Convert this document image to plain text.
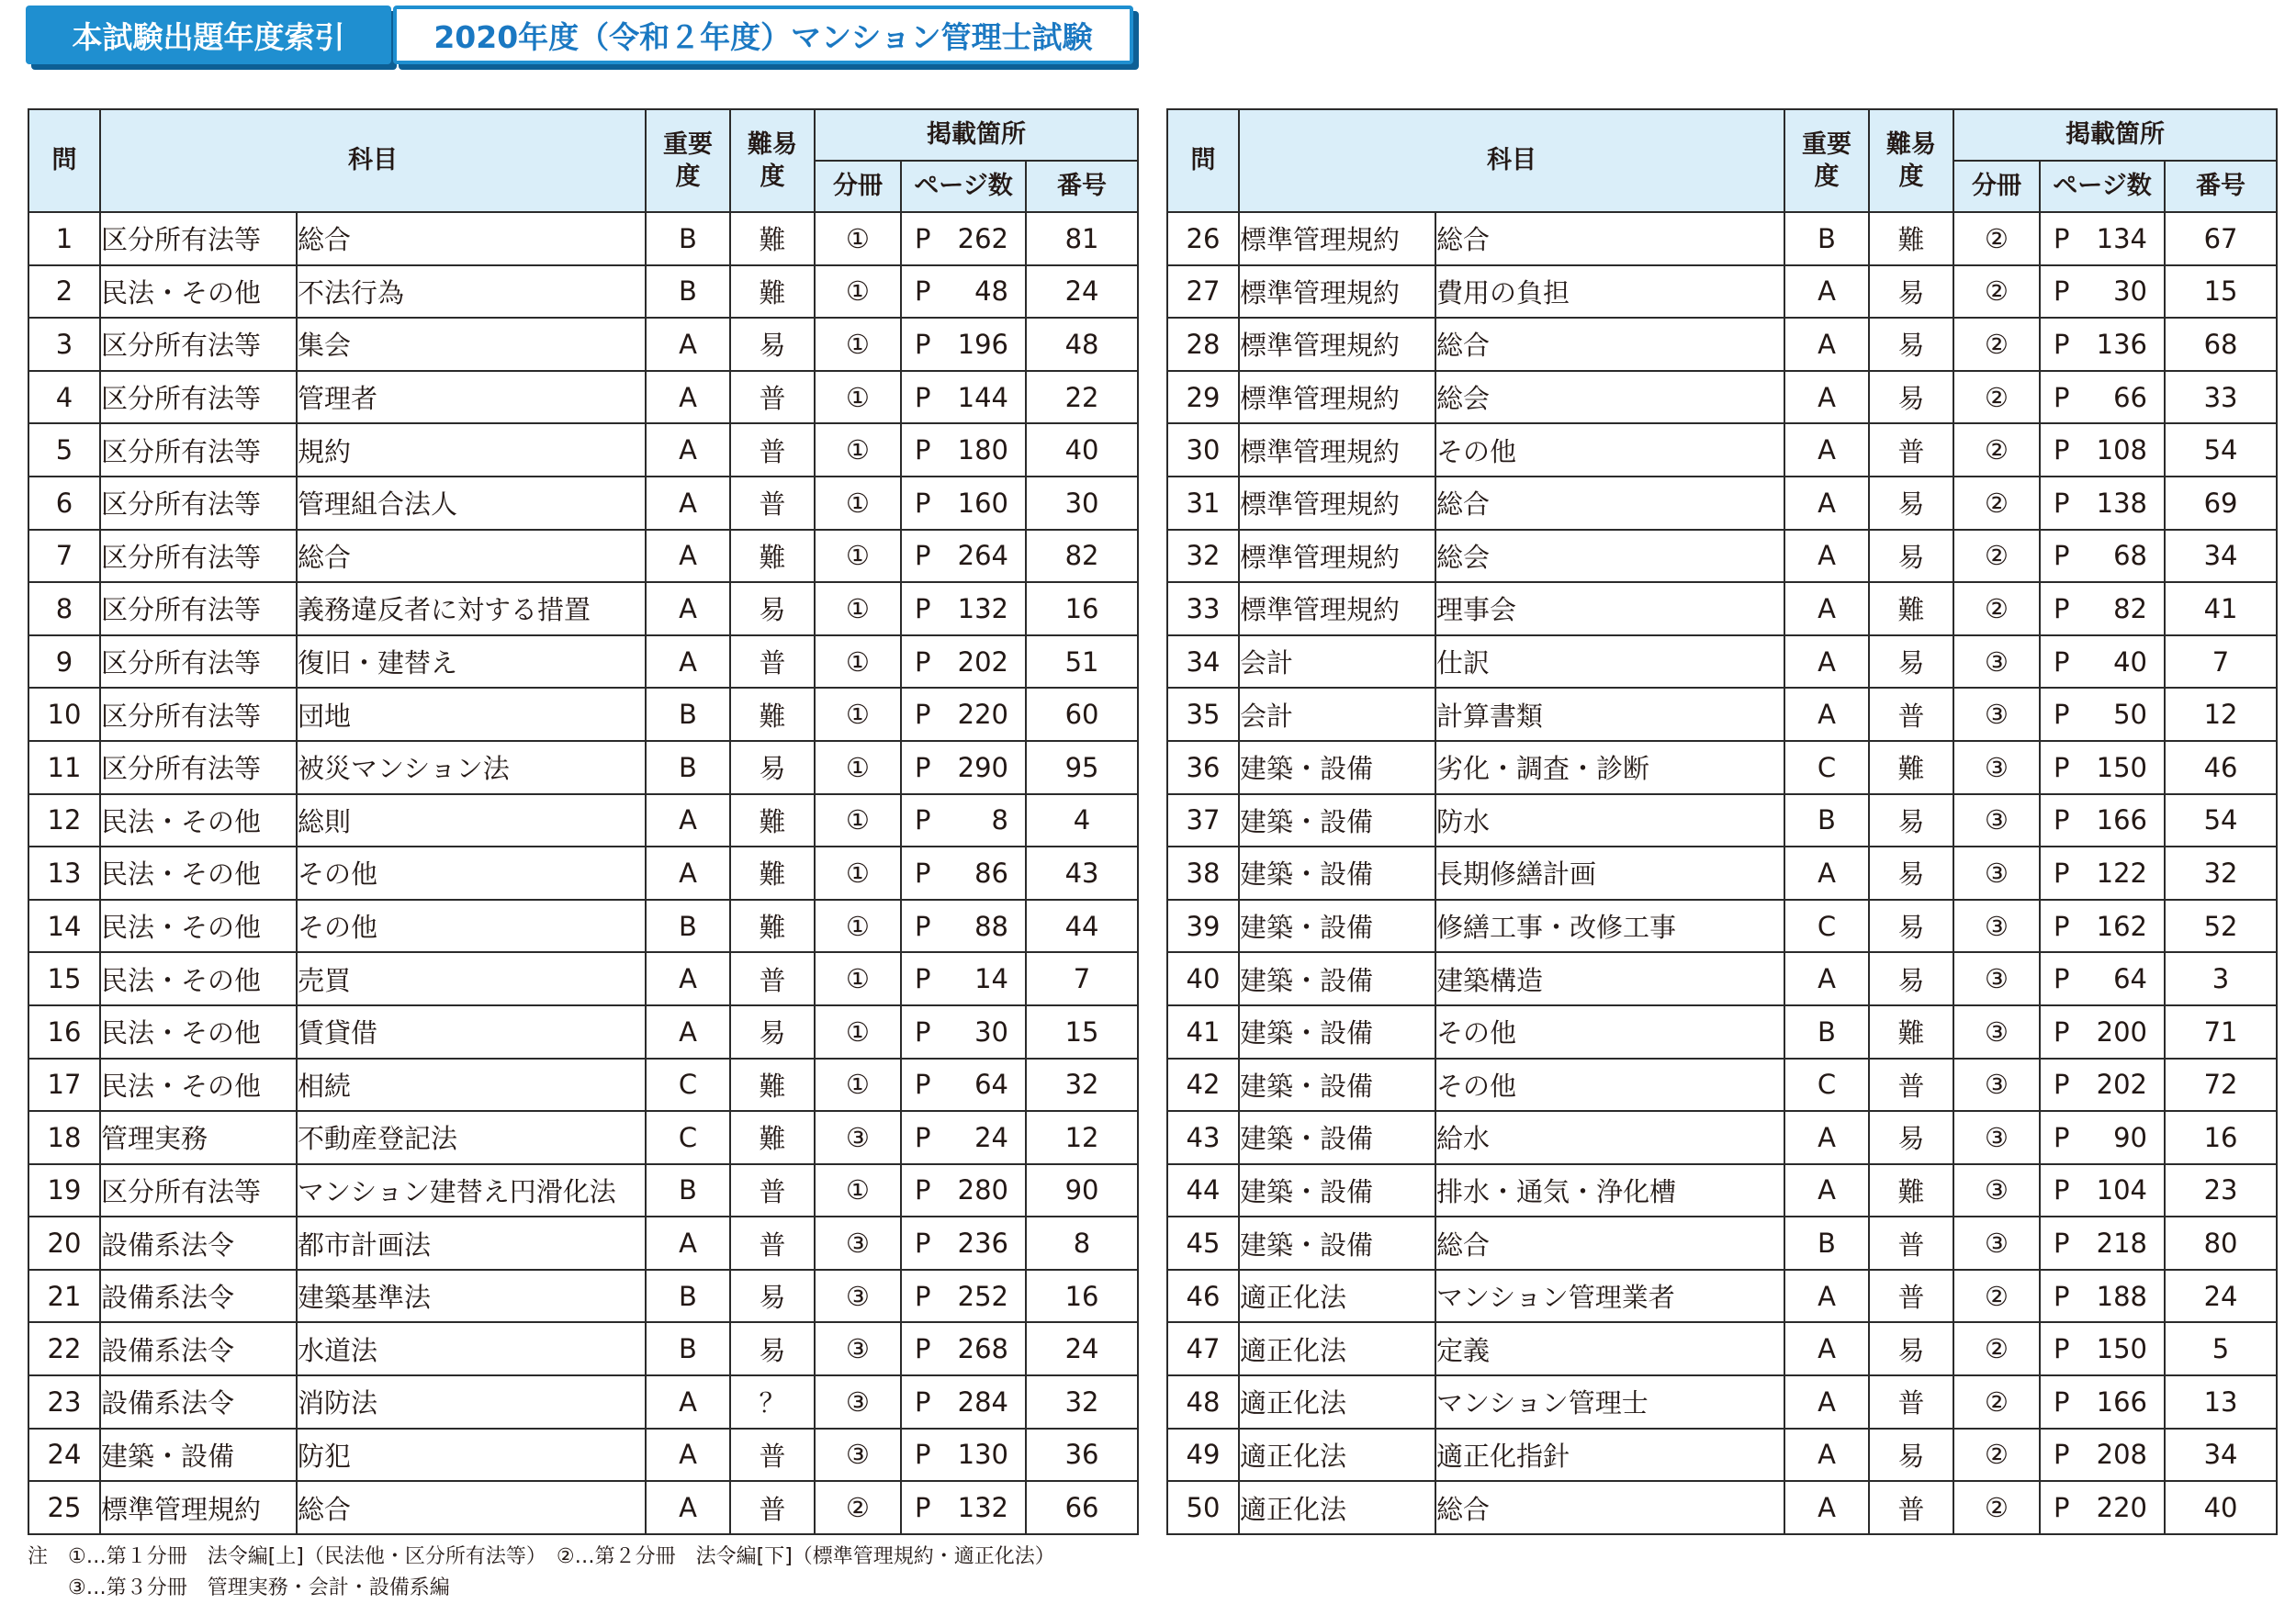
本試験出題年度索引	2020年度（令和２年度）マンション管理士試験
問	科目		重要
度	難易
度	掲載箇所		
					分冊	ページ数	番号
1	区分所有法等	総合	B	難	①	P 262	81
2	民法・その他	不法行為	B	難	①	P 48	24
3	区分所有法等	集会	A	易	①	P 196	48
4	区分所有法等	管理者	A	普	①	P 144	22
5	区分所有法等	規約	A	普	①	P 180	40
6	区分所有法等	管理組合法人	A	普	①	P 160	30
7	区分所有法等	総合	A	難	①	P 264	82
8	区分所有法等	義務違反者に対する措置	A	易	①	P 132	16
9	区分所有法等	復旧・建替え	A	普	①	P 202	51
10	区分所有法等	団地	B	難	①	P 220	60
11	区分所有法等	被災マンション法	B	易	①	P 290	95
12	民法・その他	総則	A	難	①	P 8	4
13	民法・その他	その他	A	難	①	P 86	43
14	民法・その他	その他	B	難	①	P 88	44
15	民法・その他	売買	A	普	①	P 14	7
16	民法・その他	賃貸借	A	易	①	P 30	15
17	民法・その他	相続	C	難	①	P 64	32
18	管理実務	不動産登記法	C	難	③	P 24	12
19	区分所有法等	マンション建替え円滑化法	B	普	①	P 280	90
20	設備系法令	都市計画法	A	普	③	P 236	8
21	設備系法令	建築基準法	B	易	③	P 252	16
22	設備系法令	水道法	B	易	③	P 268	24
23	設備系法令	消防法	A	？	③	P 284	32
24	建築・設備	防犯	A	普	③	P 130	36
25	標準管理規約	総合	A	普	②	P 132	66
問	科目		重要
度	難易
度	掲載箇所		
					分冊	ページ数	番号
26	標準管理規約	総合	B	難	②	P 134	67
27	標準管理規約	費用の負担	A	易	②	P 30	15
28	標準管理規約	総合	A	易	②	P 136	68
29	標準管理規約	総会	A	易	②	P 66	33
30	標準管理規約	その他	A	普	②	P 108	54
31	標準管理規約	総合	A	易	②	P 138	69
32	標準管理規約	総会	A	易	②	P 68	34
33	標準管理規約	理事会	A	難	②	P 82	41
34	会計	仕訳	A	易	③	P 40	7
35	会計	計算書類	A	普	③	P 50	12
36	建築・設備	劣化・調査・診断	C	難	③	P 150	46
37	建築・設備	防水	B	易	③	P 166	54
38	建築・設備	長期修繕計画	A	易	③	P 122	32
39	建築・設備	修繕工事・改修工事	C	易	③	P 162	52
40	建築・設備	建築構造	A	易	③	P 64	3
41	建築・設備	その他	B	難	③	P 200	71
42	建築・設備	その他	C	普	③	P 202	72
43	建築・設備	給水	A	易	③	P 90	16
44	建築・設備	排水・通気・浄化槽	A	難	③	P 104	23
45	建築・設備	総合	B	普	③	P 218	80
46	適正化法	マンション管理業者	A	普	②	P 188	24
47	適正化法	定義	A	易	②	P 150	5
48	適正化法	マンション管理士	A	普	②	P 166	13
49	適正化法	適正化指針	A	易	②	P 208	34
50	適正化法	総合	A	普	②	P 220	40
注　①…第１分冊　法令編[上]（民法他・区分所有法等）　②…第２分冊　法令編[下]（標準管理規約・適正化法）
　　③…第３分冊　管理実務・会計・設備系編
